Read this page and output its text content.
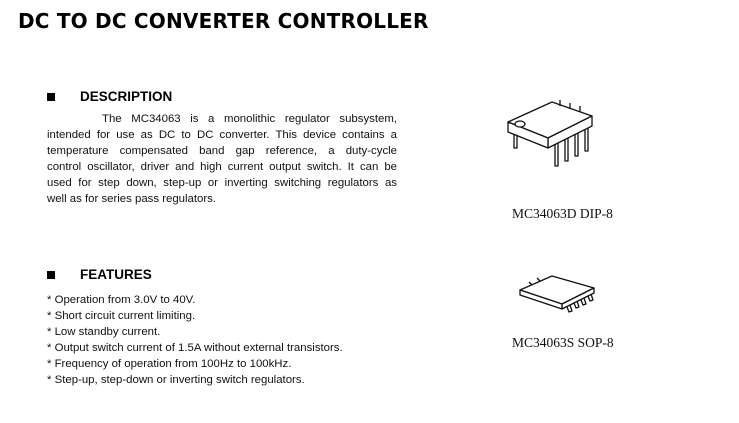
DC TO DC CONVERTER CONTROLLER
DESCRIPTION
The MC34063 is a monolithic regulator subsystem,
intended for use as DC to DC converter. This device contains a
temperature compensated band gap reference, a duty-cycle
control oscillator, driver and high current output switch. It can be
used for step down, step-up or inverting switching regulators as
well as for series pass regulators.
FEATURES
* Operation from 3.0V to 40V.
* Short circuit current limiting.
* Low standby current.
* Output switch current of 1.5A without external transistors.
* Frequency of operation from 100Hz to 100kHz.
* Step-up, step-down or inverting switch regulators.
MC34063D DIP-8
MC34063S SOP-8
